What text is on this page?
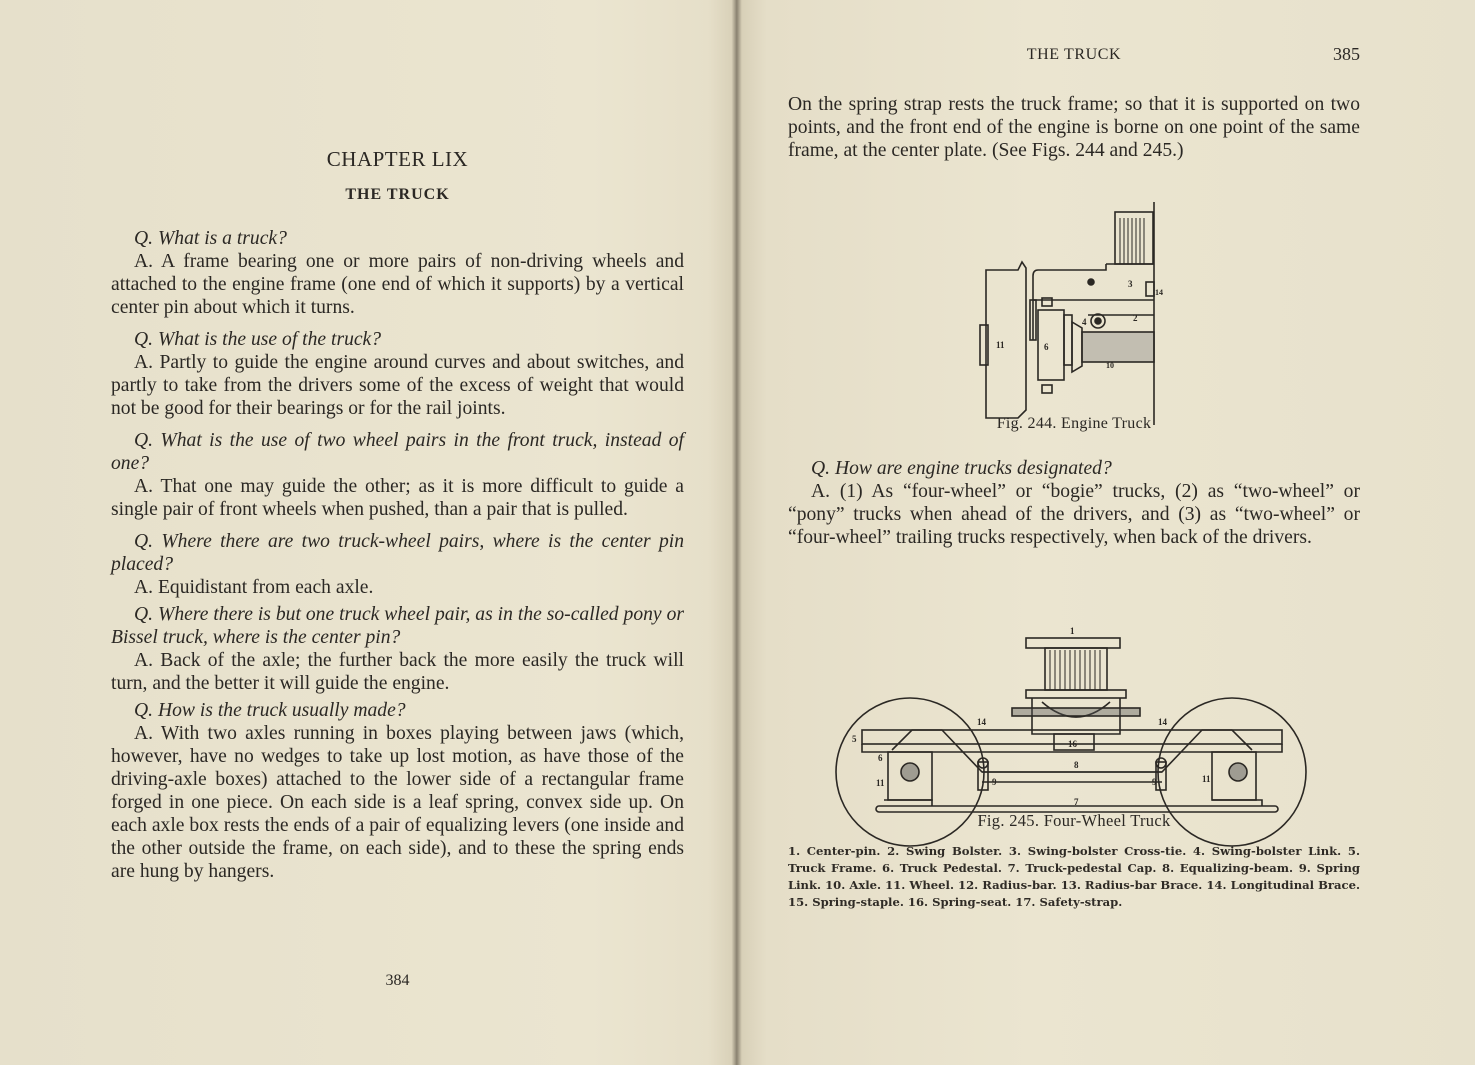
CHAPTER LIX

THE TRUCK

Q. What is a truck?

A. A frame bearing one or more pairs of non-driving wheels and attached to the engine frame (one end of which it supports) by a vertical center pin about which it turns.

Q. What is the use of the truck?

A. Partly to guide the engine around curves and about switches, and partly to take from the drivers some of the excess of weight that would not be good for their bearings or for the rail joints.

Q. What is the use of two wheel pairs in the front truck, instead of one?

A. That one may guide the other; as it is more difficult to guide a single pair of front wheels when pushed, than a pair that is pulled.

Q. Where there are two truck-wheel pairs, where is the center pin placed?

A. Equidistant from each axle.

Q. Where there is but one truck wheel pair, as in the so-called pony or Bissel truck, where is the center pin?

A. Back of the axle; the further back the more easily the truck will turn, and the better it will guide the engine.

Q. How is the truck usually made?

A. With two axles running in boxes playing between jaws (which, however, have no wedges to take up lost motion, as have those of the driving-axle boxes) attached to the lower side of a rectangular frame forged in one piece. On each side is a leaf spring, convex side up. On each axle box rests the ends of a pair of equalizing levers (one inside and the other outside the frame, on each side), and to these the spring ends are hung by hangers.

384
THE TRUCK	385

On the spring strap rests the truck frame; so that it is supported on two points, and the front end of the engine is borne on one point of the same frame, at the center plate. (See Figs. 244 and 245.)

Fig. 244. Engine Truck

Q. How are engine trucks designated?

A. (1) As “four-wheel” or “bogie” trucks, (2) as “two-wheel” or “pony” trucks when ahead of the drivers, and (3) as “two-wheel” or “four-wheel” trailing trucks respectively, when back of the drivers.

Fig. 245. Four-Wheel Truck

1. Center-pin. 2. Swing Bolster. 3. Swing-bolster Cross-tie. 4. Swing-bolster Link. 5. Truck Frame. 6. Truck Pedestal. 7. Truck-pedestal Cap. 8. Equalizing-beam. 9. Spring Link. 10. Axle. 11. Wheel. 12. Radius-bar. 13. Radius-bar Brace. 14. Longitudinal Brace. 15. Spring-staple. 16. Spring-seat. 17. Safety-strap.

3
14
4	2
11	6
10
1
14	14
5	16
6
8
11	9	9	11
7
